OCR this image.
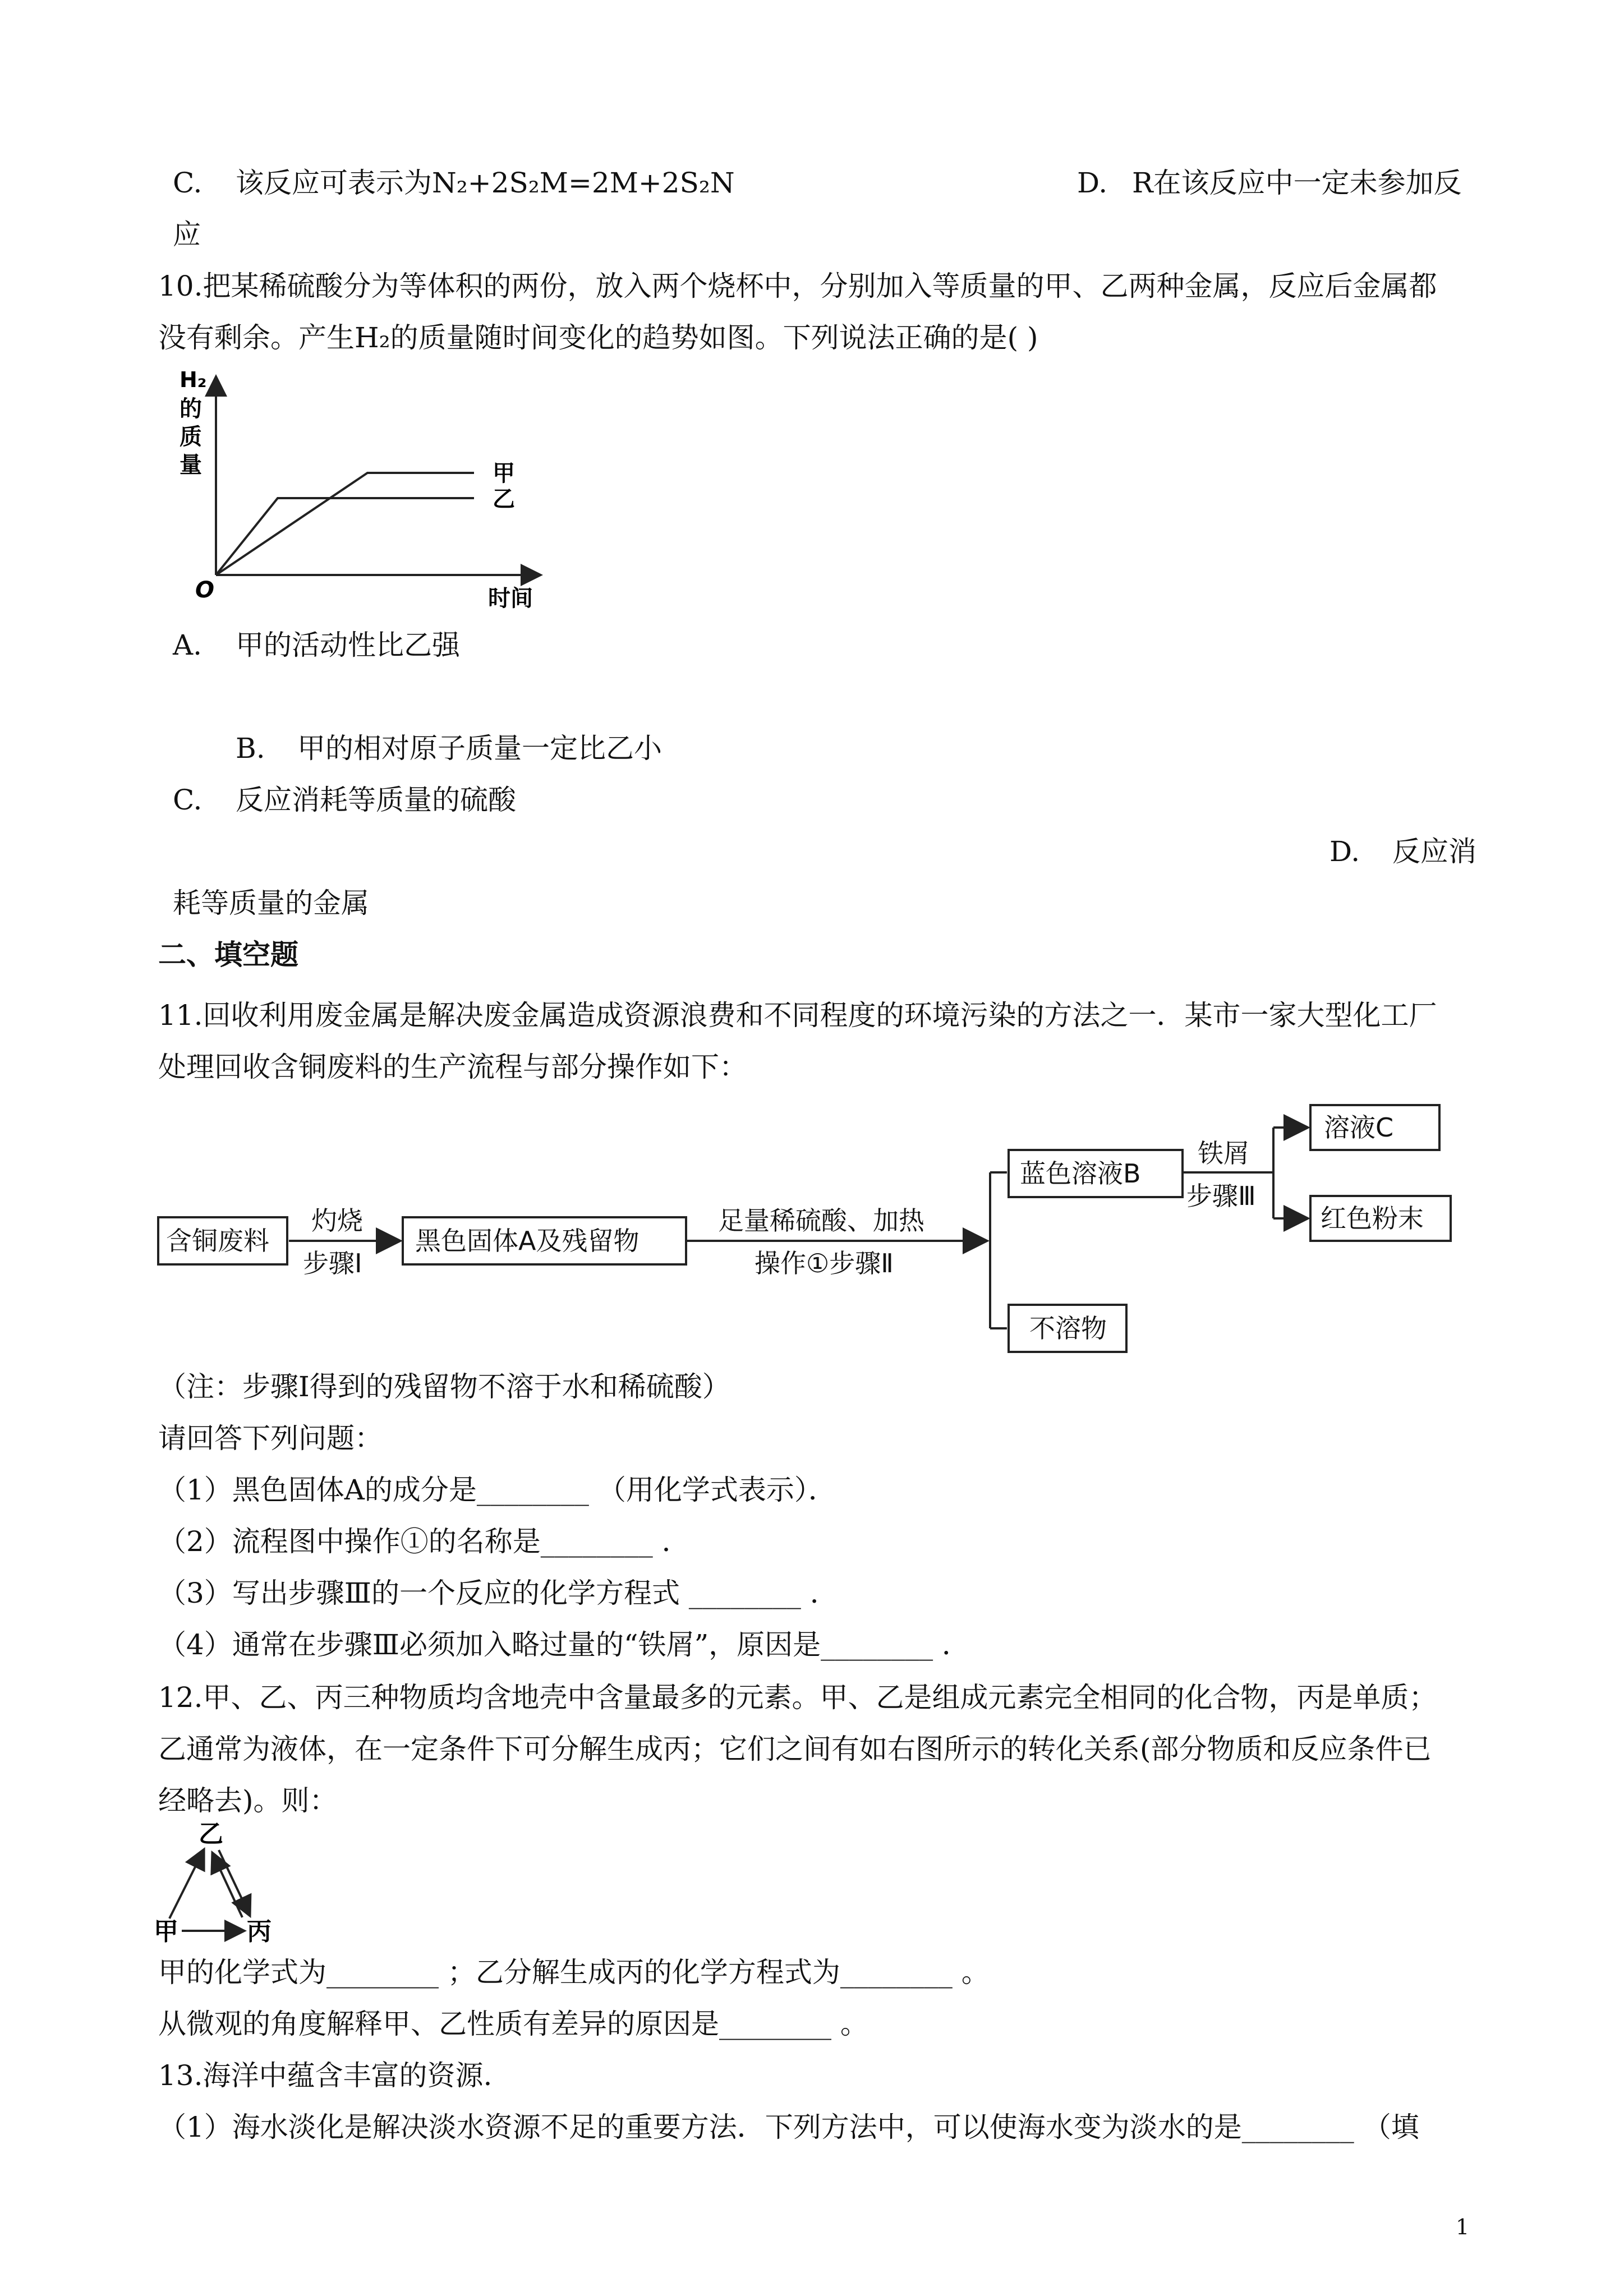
C. 该反应可表示为N₂+2S₂M=2M+2S₂N	D. R在该反应中一定未参加反
应
10.把某稀硫酸分为等体积的两份，放入两个烧杯中，分别加入等质量的甲、乙两种金属，反应后金属都
没有剩余。产生H₂的质量随时间变化的趋势如图。下列说法正确的是( )
H₂
的
质
量	甲
乙
O	时间
A. 甲的活动性比乙强
B. 甲的相对原子质量一定比乙小
C. 反应消耗等质量的硫酸
D. 反应消
耗等质量的金属
二、填空题
11.回收利用废金属是解决废金属造成资源浪费和不同程度的环境污染的方法之一．某市一家大型化工厂
处理回收含铜废料的生产流程与部分操作如下：
含铜废料
灼烧
步骤Ⅰ
黑色固体A及残留物
足量稀硫酸、加热
操作①步骤Ⅱ
蓝色溶液B
不溶物
铁屑
步骤Ⅲ
溶液C
红色粉末
（注：步骤Ⅰ得到的残留物不溶于水和稀硫酸）
请回答下列问题：
（1）黑色固体A的成分是________ （用化学式表示）．
（2）流程图中操作①的名称是________ ．
（3）写出步骤Ⅲ的一个反应的化学方程式 ________ ．
（4）通常在步骤Ⅲ必须加入略过量的“铁屑”，原因是________ ．
12.甲、乙、丙三种物质均含地壳中含量最多的元素。甲、乙是组成元素完全相同的化合物，丙是单质；
乙通常为液体，在一定条件下可分解生成丙；它们之间有如右图所示的转化关系(部分物质和反应条件已
经略去)。则：
乙
甲	丙
甲的化学式为________ ；乙分解生成丙的化学方程式为________ 。
从微观的角度解释甲、乙性质有差异的原因是________ 。
13.海洋中蕴含丰富的资源.
（1）海水淡化是解决淡水资源不足的重要方法．下列方法中，可以使海水变为淡水的是________ （填
1
